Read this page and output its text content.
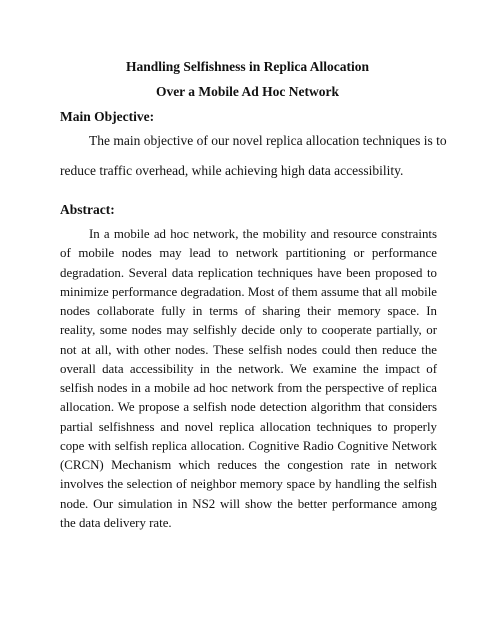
Handling Selfishness in Replica Allocation
Over a Mobile Ad Hoc Network
Main Objective:
The main objective of our novel replica allocation techniques is to
reduce traffic overhead, while achieving high data accessibility.
Abstract:

In a mobile ad hoc network, the mobility and resource constraints of mobile nodes may lead to network partitioning or performance degradation. Several data replication techniques have been proposed to minimize performance degradation. Most of them assume that all mobile nodes collaborate fully in terms of sharing their memory space. In reality, some nodes may selfishly decide only to cooperate partially, or not at all, with other nodes. These selfish nodes could then reduce the overall data accessibility in the network. We examine the impact of selfish nodes in a mobile ad hoc network from the perspective of replica allocation. We propose a selfish node detection algorithm that considers partial selfishness and novel replica allocation techniques to properly cope with selfish replica allocation. Cognitive Radio Cognitive Network (CRCN) Mechanism which reduces the congestion rate in network involves the selection of neighbor memory space by handling the selfish node. Our simulation in NS2 will show the better performance among the data delivery rate.
